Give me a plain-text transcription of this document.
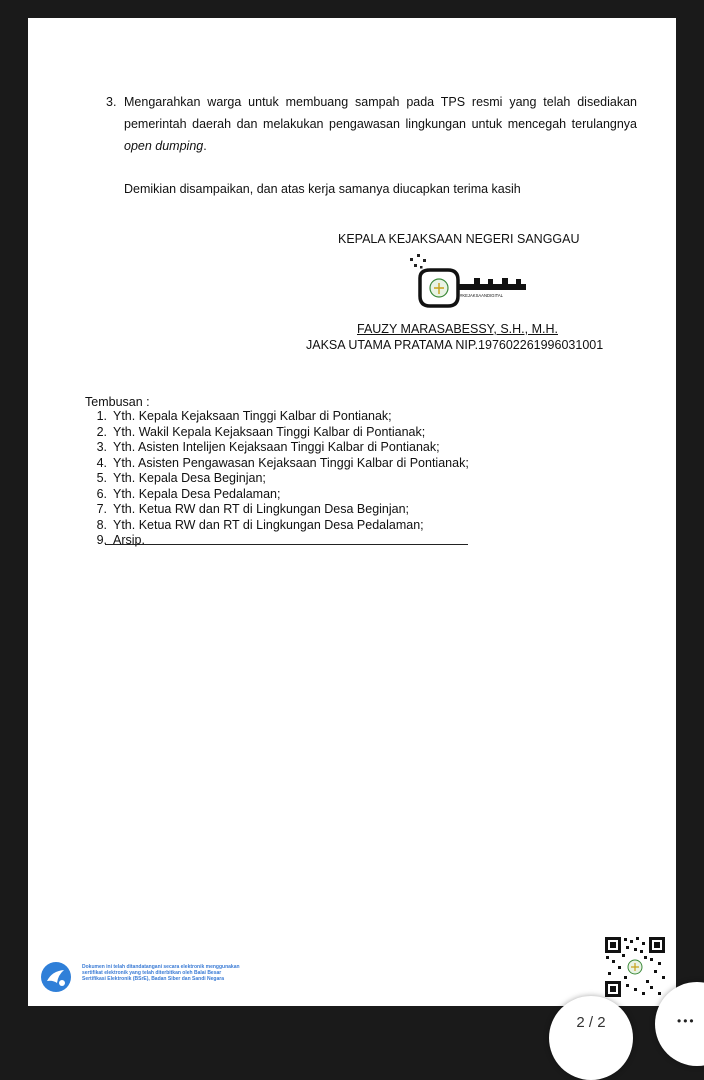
3. Mengarahkan warga untuk membuang sampah pada TPS resmi yang telah disediakan
pemerintah daerah dan melakukan pengawasan lingkungan untuk mencegah terulangnya
open dumping.
Demikian disampaikan, dan atas kerja samanya diucapkan terima kasih
KEPALA KEJAKSAAN NEGERI SANGGAU
#KEJAKSAANDIGITAL
FAUZY MARASABESSY, S.H., M.H.
JAKSA UTAMA PRATAMA NIP.197602261996031001
Tembusan :
1. Yth. Kepala Kejaksaan Tinggi Kalbar di Pontianak;
2. Yth. Wakil Kepala Kejaksaan Tinggi Kalbar di Pontianak;
3. Yth. Asisten Intelijen Kejaksaan Tinggi Kalbar di Pontianak;
4. Yth. Asisten Pengawasan Kejaksaan Tinggi Kalbar di Pontianak;
5. Yth. Kepala Desa Beginjan;
6. Yth. Kepala Desa Pedalaman;
7. Yth. Ketua RW dan RT di Lingkungan Desa Beginjan;
8. Yth. Ketua RW dan RT di Lingkungan Desa Pedalaman;
9. Arsip.
Dokumen ini telah ditandatangani secara elektronik menggunakan sertifikat elektronik yang telah diterbitkan oleh Balai Besar Sertifikasi Elektronik (BSrE), Badan Siber dan Sandi Negara
2 / 2	•••
